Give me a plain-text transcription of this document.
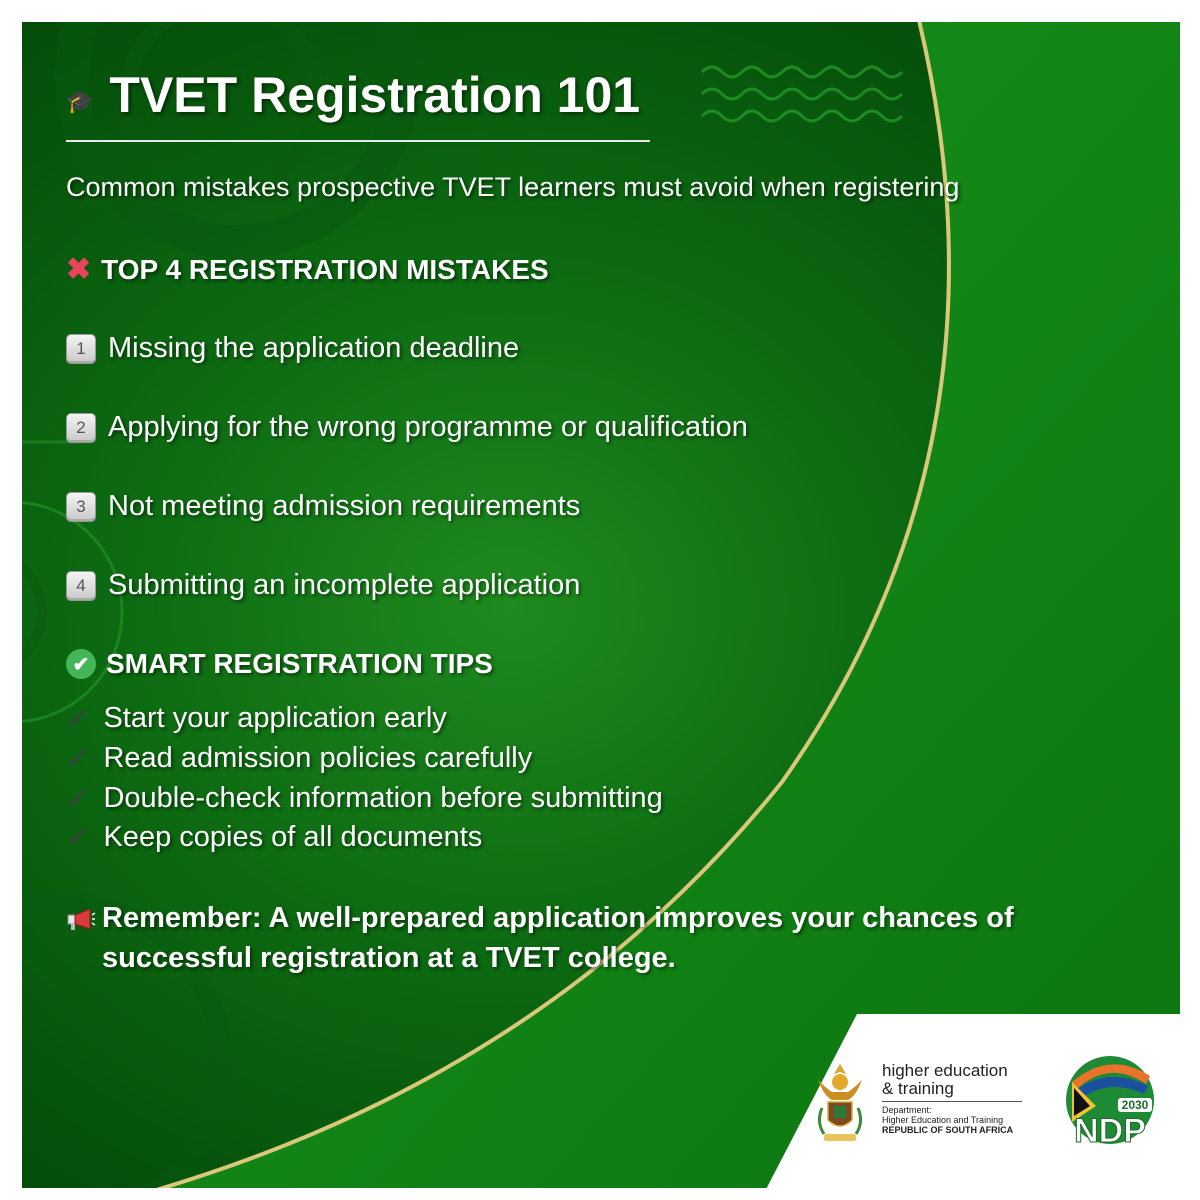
🎓 TVET Registration 101
Common mistakes prospective TVET learners must avoid when registering
✖ TOP 4 REGISTRATION MISTAKES
1 Missing the application deadline
2 Applying for the wrong programme or qualification
3 Not meeting admission requirements
4 Submitting an incomplete application
✔ SMART REGISTRATION TIPS
✓ Start your application early
✓ Read admission policies carefully
✓ Double-check information before submitting
✓ Keep copies of all documents
Remember: A well-prepared application improves your chances of
successful registration at a TVET college.
higher education
& training
Department:
Higher Education and Training
REPUBLIC OF SOUTH AFRICA
2030
NDP
